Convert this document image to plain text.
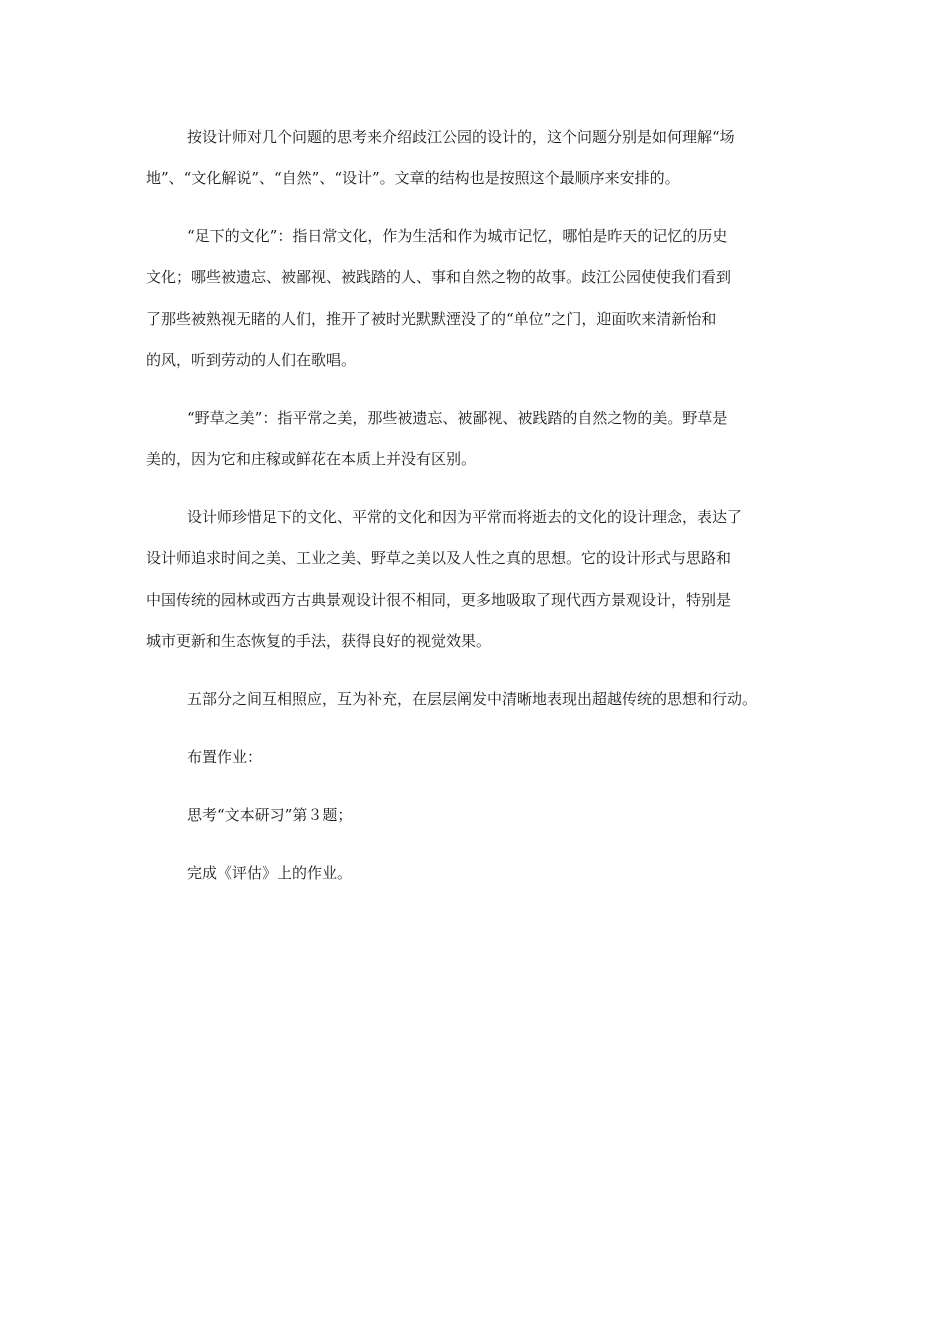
按设计师对几个问题的思考来介绍歧江公园的设计的，这个问题分别是如何理解“场

地”、“文化解说”、“自然”、“设计”。文章的结构也是按照这个最顺序来安排的。

“足下的文化”：指日常文化，作为生活和作为城市记忆，哪怕是昨天的记忆的历史

文化；哪些被遗忘、被鄙视、被践踏的人、事和自然之物的故事。歧江公园使使我们看到

了那些被熟视无睹的人们，推开了被时光默默湮没了的“单位”之门，迎面吹来清新怡和

的风，听到劳动的人们在歌唱。

“野草之美”：指平常之美，那些被遗忘、被鄙视、被践踏的自然之物的美。野草是

美的，因为它和庄稼或鲜花在本质上并没有区别。

设计师珍惜足下的文化、平常的文化和因为平常而将逝去的文化的设计理念，表达了

设计师追求时间之美、工业之美、野草之美以及人性之真的思想。它的设计形式与思路和

中国传统的园林或西方古典景观设计很不相同，更多地吸取了现代西方景观设计，特别是

城市更新和生态恢复的手法，获得良好的视觉效果。

五部分之间互相照应，互为补充，在层层阐发中清晰地表现出超越传统的思想和行动。

布置作业：

思考“文本研习”第３题；

完成《评估》上的作业。
